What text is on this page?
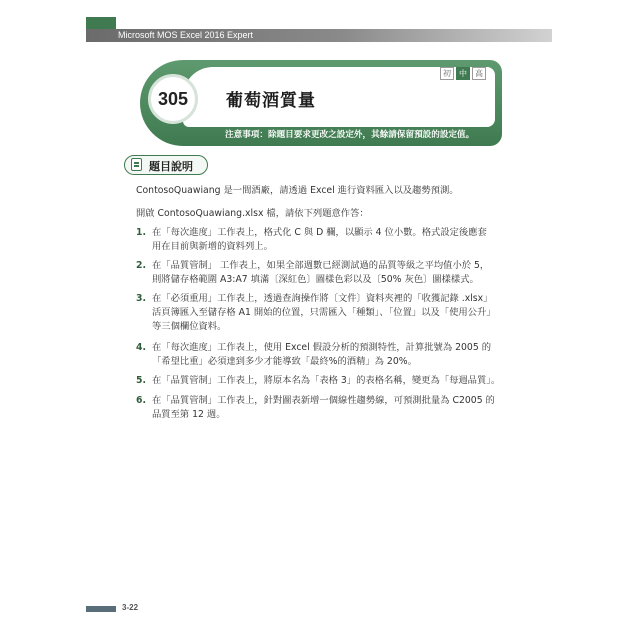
Microsoft MOS Excel 2016 Expert
305	葡萄酒質量
初	中	高
注意事項：除題目要求更改之設定外，其餘請保留預設的設定值。
題目說明
ContosoQuawiang 是一間酒廠，請透過 Excel 進行資料匯入以及趨勢預測。
開啟 ContosoQuawiang.xlsx 檔，請依下列題意作答：
1. 在「每次進度」工作表上，格式化 C 與 D 欄，以顯示 4 位小數。格式設定後應套
用在目前與新增的資料列上。
2. 在「品質管制」 工作表上，如果全部週數已經測試過的品質等級之平均值小於 5，
則將儲存格範圍 A3:A7 填滿〔深紅色〕圖樣色彩以及〔50% 灰色〕圖樣樣式。
3. 在「必須重用」工作表上，透過查詢操作將〔文件〕資料夾裡的「收獲記錄 .xlsx」
活頁簿匯入至儲存格 A1 開始的位置，只需匯入「種類」、「位置」以及「使用公升」
等三個欄位資料。
4. 在「每次進度」工作表上，使用 Excel 假設分析的預測特性，計算批號為 2005 的
「希望比重」必須達到多少才能導致「最終%的酒精」為 20%。
5. 在「品質管制」工作表上，將原本名為「表格 3」的表格名稱，變更為「每週品質」。
6. 在「品質管制」工作表上，針對圖表新增一個線性趨勢線，可預測批量為 C2005 的
品質至第 12 週。
3-22
